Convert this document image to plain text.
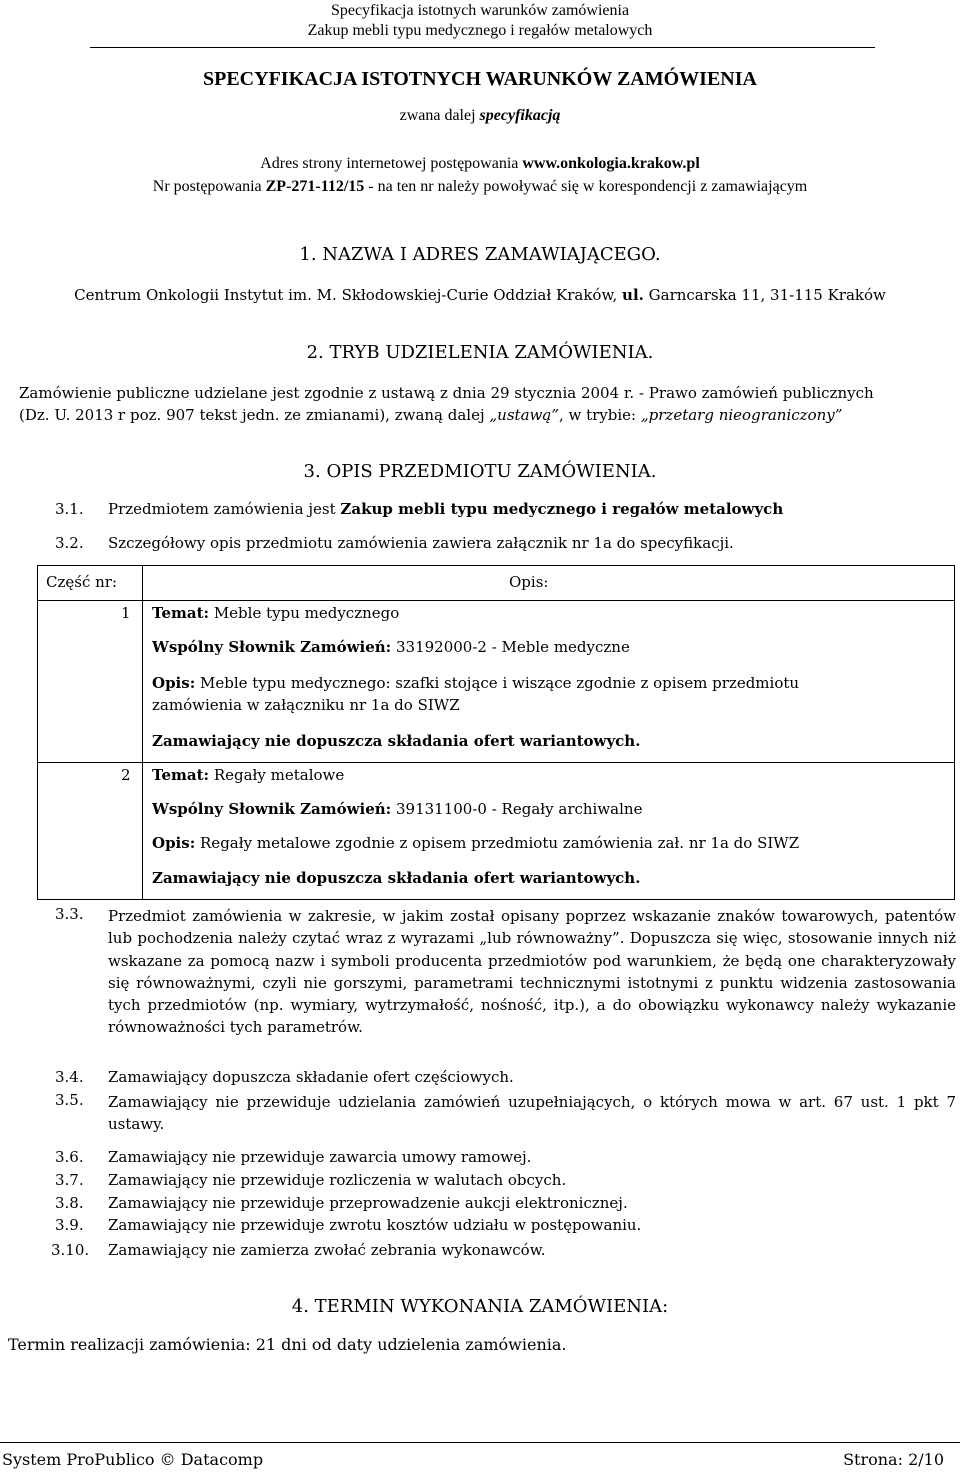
Specyfikacja istotnych warunków zamówienia
Zakup mebli typu medycznego i regałów metalowych
SPECYFIKACJA ISTOTNYCH WARUNKÓW ZAMÓWIENIA
zwana dalej specyfikacją
Adres strony internetowej postępowania www.onkologia.krakow.pl
Nr postępowania ZP-271-112/15 - na ten nr należy powoływać się w korespondencji z zamawiającym
1. NAZWA I ADRES ZAMAWIAJĄCEGO.
Centrum Onkologii Instytut im. M. Skłodowskiej-Curie Oddział Kraków, ul. Garncarska 11, 31-115 Kraków
2. TRYB UDZIELENIA ZAMÓWIENIA.
Zamówienie publiczne udzielane jest zgodnie z ustawą z dnia 29 stycznia 2004 r. - Prawo zamówień publicznych
(Dz. U. 2013 r poz. 907 tekst jedn. ze zmianami), zwaną dalej „ustawą”, w trybie: „przetarg nieograniczony”
3. OPIS PRZEDMIOTU ZAMÓWIENIA.
3.1. Przedmiotem zamówienia jest Zakup mebli typu medycznego i regałów metalowych
3.2. Szczegółowy opis przedmiotu zamówienia zawiera załącznik nr 1a do specyfikacji.
Część nr:	Opis:
1 Temat: Meble typu medycznego
Wspólny Słownik Zamówień: 33192000-2 - Meble medyczne
Opis: Meble typu medycznego: szafki stojące i wiszące zgodnie z opisem przedmiotu
zamówienia w załączniku nr 1a do SIWZ
Zamawiający nie dopuszcza składania ofert wariantowych.
2 Temat: Regały metalowe
Wspólny Słownik Zamówień: 39131100-0 - Regały archiwalne
Opis: Regały metalowe zgodnie z opisem przedmiotu zamówienia zał. nr 1a do SIWZ
Zamawiający nie dopuszcza składania ofert wariantowych.
3.3. Przedmiot zamówienia w zakresie, w jakim został opisany poprzez wskazanie znaków towarowych, patentów lub pochodzenia należy czytać wraz z wyrazami „lub równoważny”. Dopuszcza się więc, stosowanie innych niż wskazane za pomocą nazw i symboli producenta przedmiotów pod warunkiem, że będą one charakteryzowały się równoważnymi, czyli nie gorszymi, parametrami technicznymi istotnymi z punktu widzenia zastosowania tych przedmiotów (np. wymiary, wytrzymałość, nośność, itp.), a do obowiązku wykonawcy należy wykazanie równoważności tych parametrów.
3.4. Zamawiający dopuszcza składanie ofert częściowych.
3.5. Zamawiający nie przewiduje udzielania zamówień uzupełniających, o których mowa w art. 67 ust. 1 pkt 7 ustawy.
3.6. Zamawiający nie przewiduje zawarcia umowy ramowej.
3.7. Zamawiający nie przewiduje rozliczenia w walutach obcych.
3.8. Zamawiający nie przewiduje przeprowadzenie aukcji elektronicznej.
3.9. Zamawiający nie przewiduje zwrotu kosztów udziału w postępowaniu.
3.10. Zamawiający nie zamierza zwołać zebrania wykonawców.
4. TERMIN WYKONANIA ZAMÓWIENIA:
Termin realizacji zamówienia: 21 dni od daty udzielenia zamówienia.
System ProPublico © Datacomp	Strona: 2/10
